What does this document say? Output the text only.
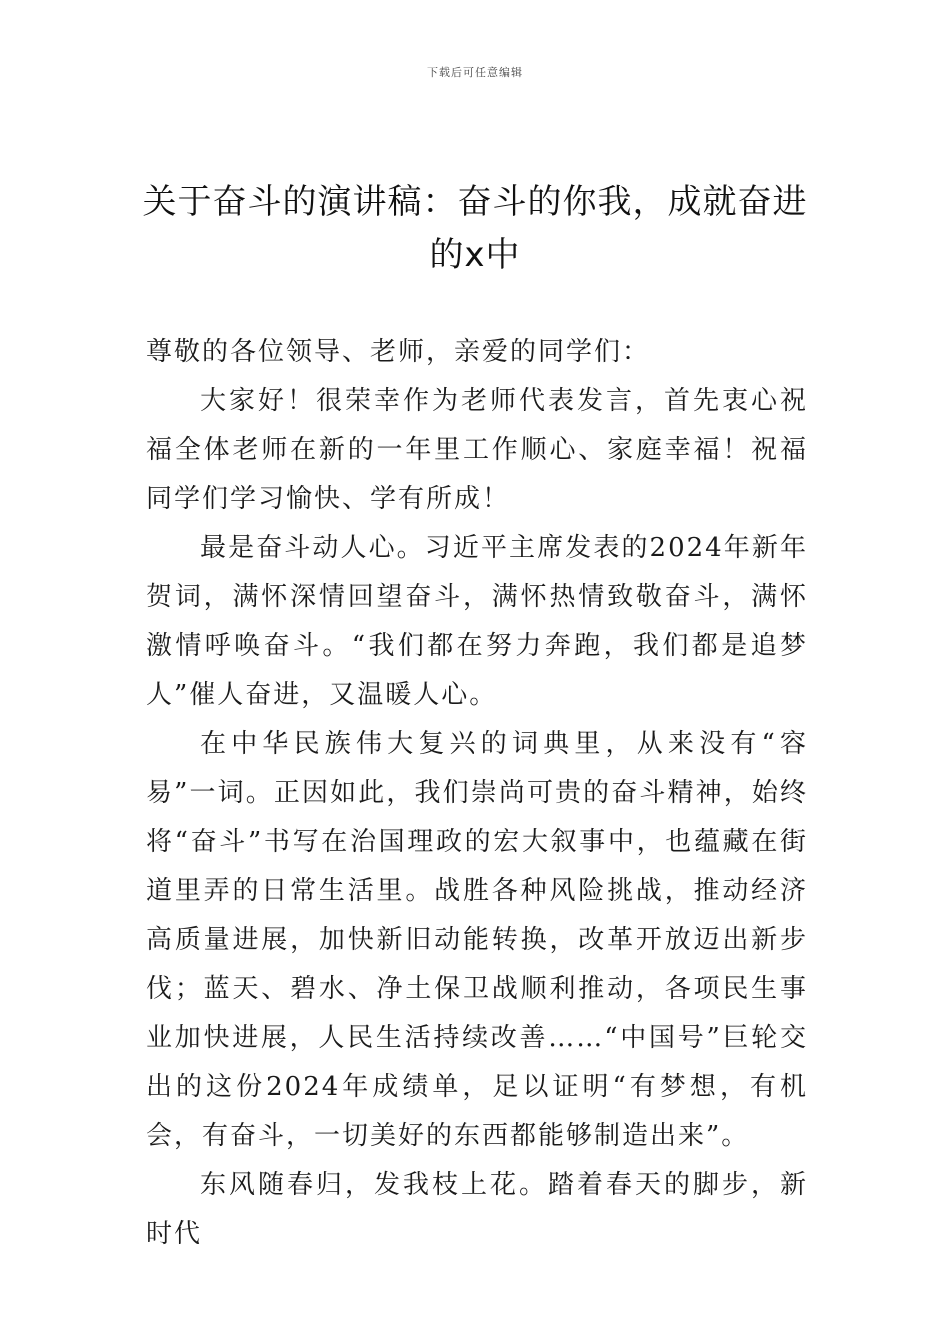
下载后可任意编辑
关于奋斗的演讲稿：奋斗的你我，成就奋进的x中

尊敬的各位领导、老师，亲爱的同学们：

大家好！很荣幸作为老师代表发言，首先衷心祝福全体老师在新的一年里工作顺心、家庭幸福！祝福同学们学习愉快、学有所成！

最是奋斗动人心。习近平主席发表的2024年新年贺词，满怀深情回望奋斗，满怀热情致敬奋斗，满怀激情呼唤奋斗。“我们都在努力奔跑，我们都是追梦人”催人奋进，又温暖人心。

在中华民族伟大复兴的词典里，从来没有“容易”一词。正因如此，我们崇尚可贵的奋斗精神，始终将“奋斗”书写在治国理政的宏大叙事中，也蕴藏在街道里弄的日常生活里。战胜各种风险挑战，推动经济高质量进展，加快新旧动能转换，改革开放迈出新步伐；蓝天、碧水、净土保卫战顺利推动，各项民生事业加快进展，人民生活持续改善……“中国号”巨轮交出的这份2024年成绩单，足以证明“有梦想，有机会，有奋斗，一切美好的东西都能够制造出来”。

东风随春归，发我枝上花。踏着春天的脚步，新时代
